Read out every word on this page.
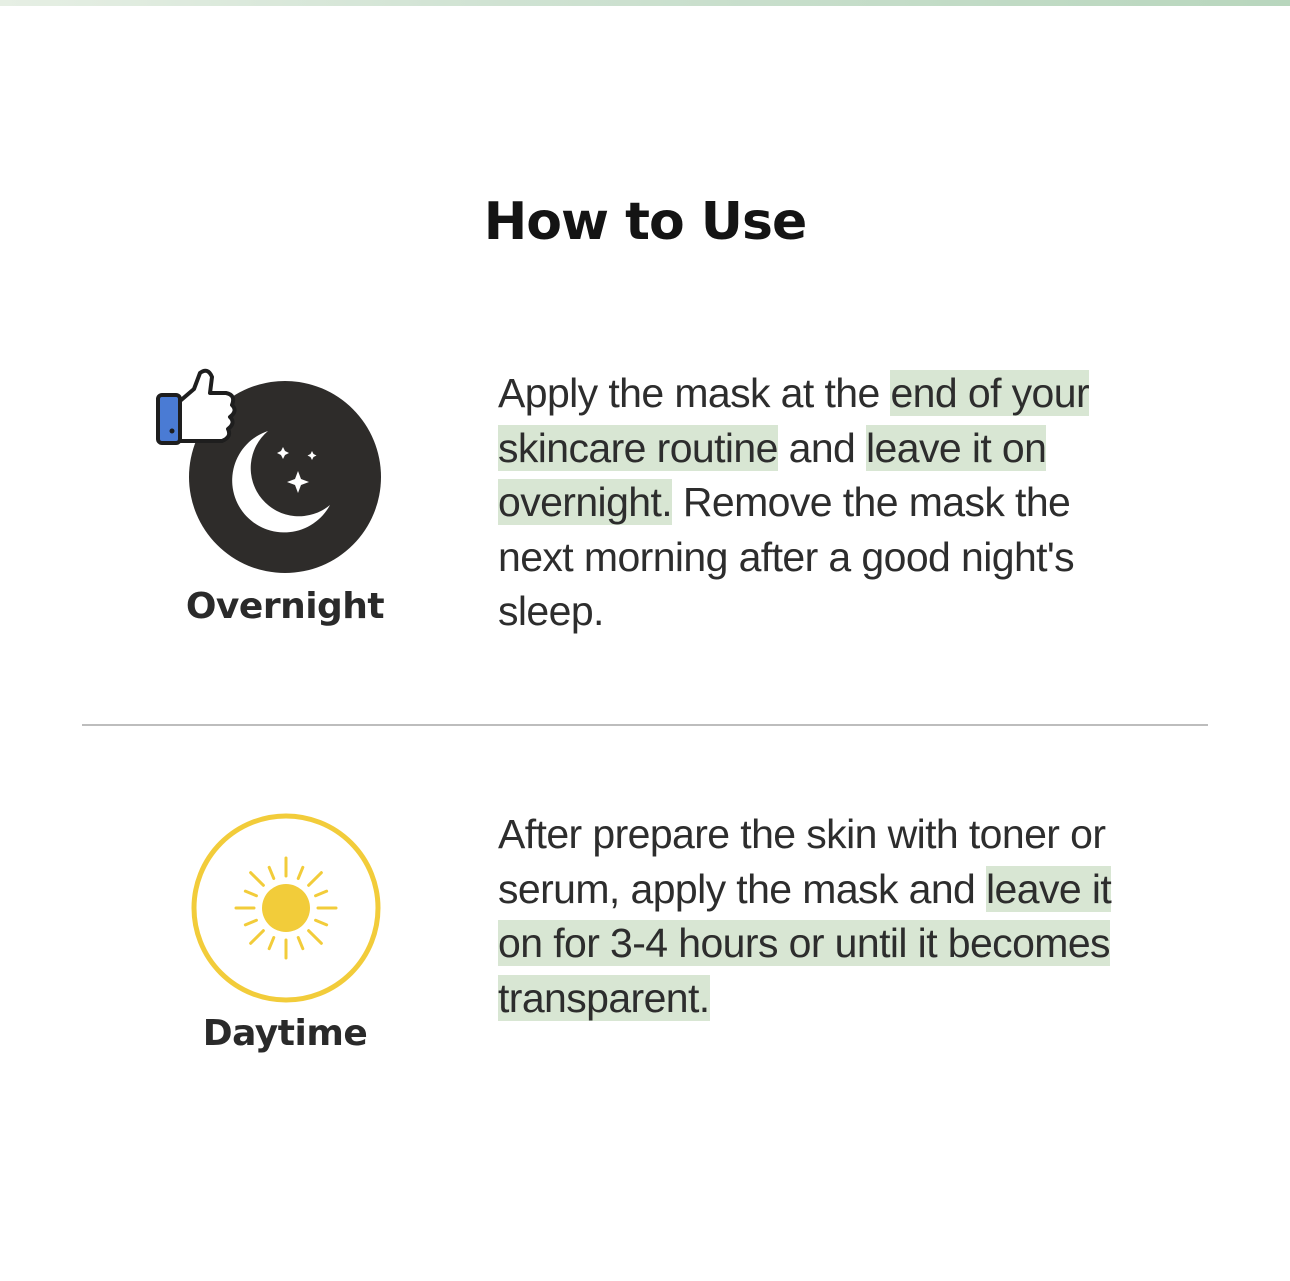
How to Use
Overnight
Apply the mask at the end of your skincare routine and leave it on overnight. Remove the mask the next morning after a good night's sleep.
Daytime
After prepare the skin with toner or serum, apply the mask and leave it on for 3-4 hours or until it becomes transparent.
